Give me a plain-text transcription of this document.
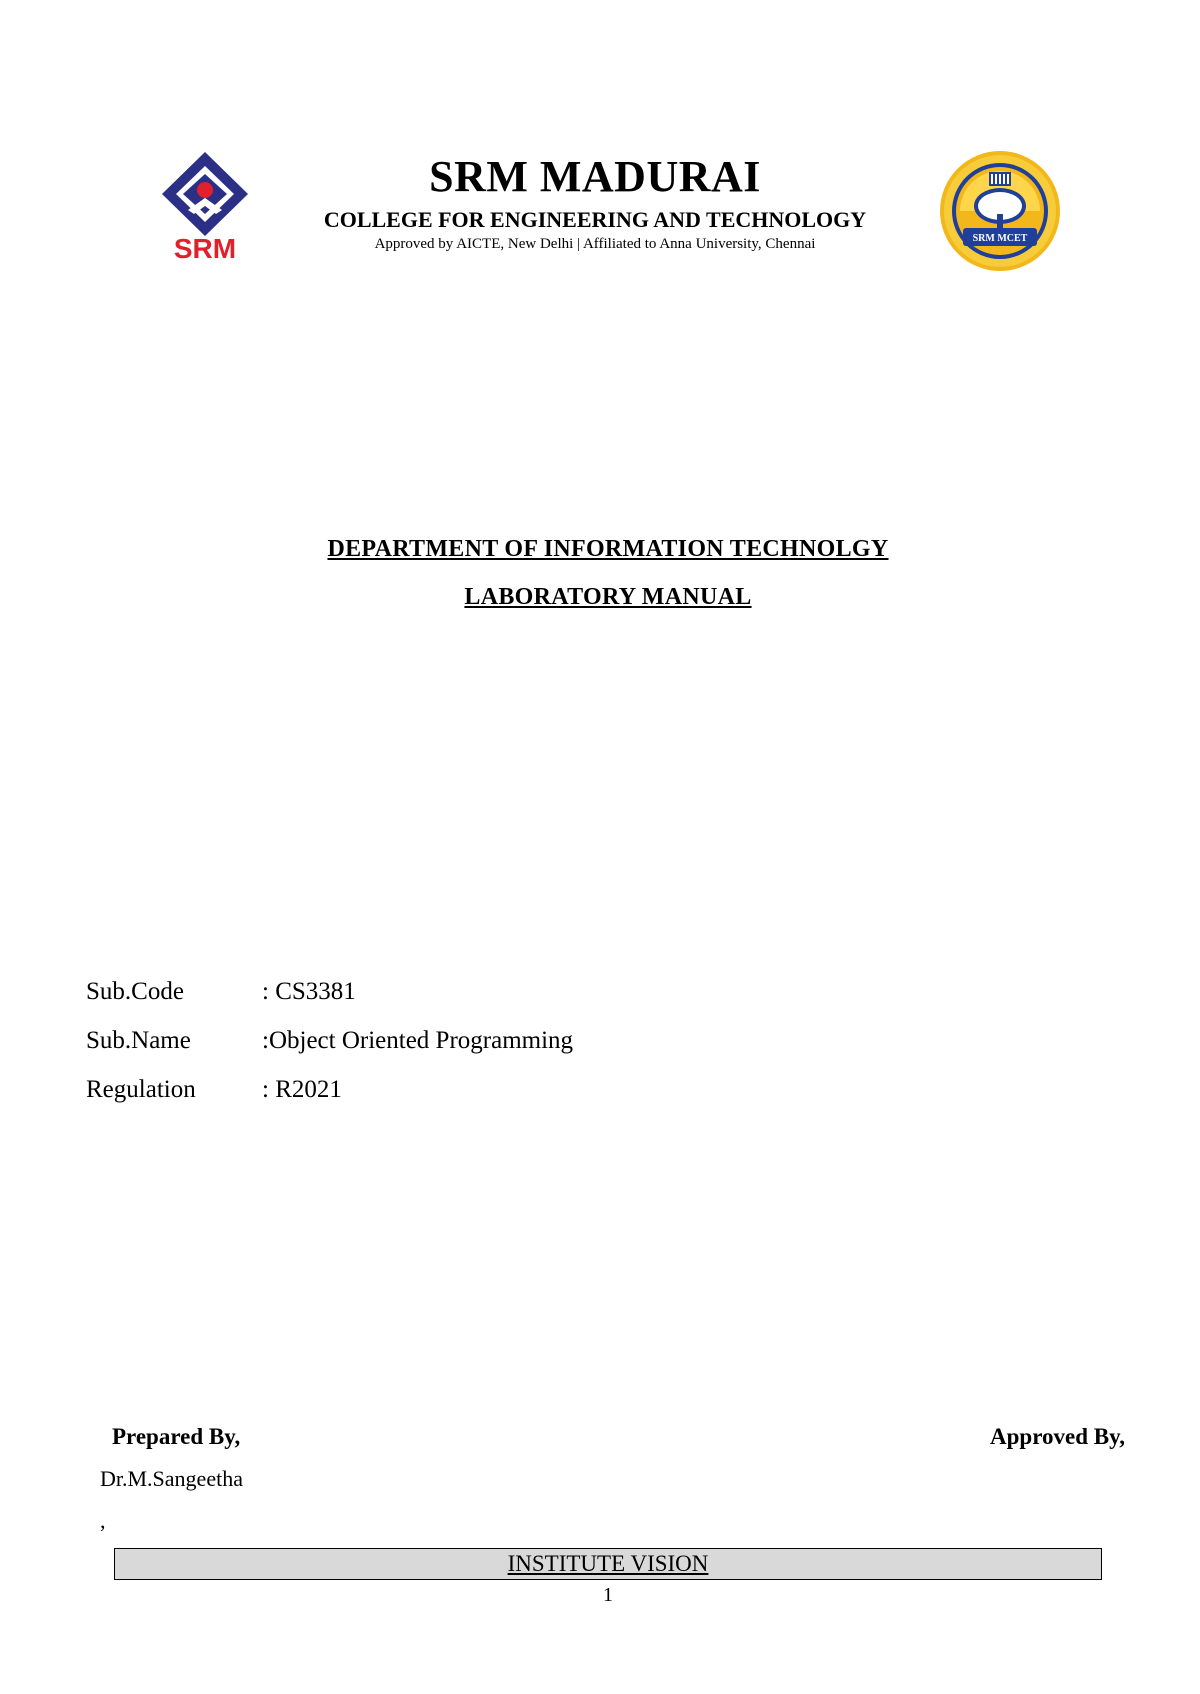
SRM
SRM MADURAI
COLLEGE FOR ENGINEERING AND TECHNOLOGY
Approved by AICTE, New Delhi | Affiliated to Anna University, Chennai	SRM MCET
DEPARTMENT OF INFORMATION TECHNOLGY
LABORATORY MANUAL
Sub.Code	: CS3381
Sub.Name	:Object Oriented Programming
Regulation	: R2021
Prepared By,	Approved By,
Dr.M.Sangeetha
,
INSTITUTE VISION
1
